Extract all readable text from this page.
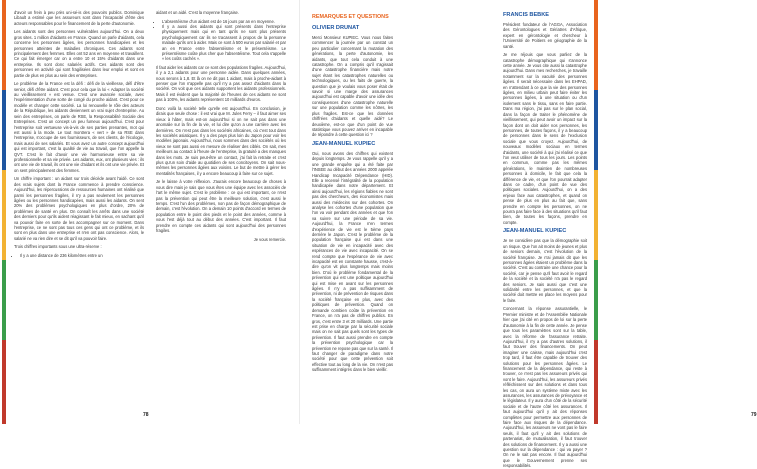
d'avoir un frein à peu près uni-sé-is des pouvoirs publics. Dominique Libault a estimé que les assureurs sont dans l'incapacité d'être des acteurs responsables pour le financement de la perte d'autonomie.

Les aidants sont des personnes vulnérables aujourd'hui. On a deux gros sites. 1 million d'aidants en France. Quand on parle d'aidants, cela concerne les personnes âgées, les personnes handicapées et les personnes atteintes de maladies chroniques. Ces aidants sont principalement des femmes. Elles ont 52 ans en moyenne et travaillent. Ce qui fait émerger car on a entre 10 et 15% d'aidants dans une entreprise. Ils sont donc salariés actifs. Ces aidants sont des personnes en activité qui sont fragilisées dans leur emploi et sont en partie de plus en plus au sein des entreprises.

Le problème de la France est la défi : défi de la vieillesse, défi d'être senior, défi d'être aidant. C'est pour cela que la loi « Adapter la société au vieillissement » est venue. C'est une avancée sociale, avec l'expérimentation d'une sorte de congé du proche aidant. C'est pour ce modèle et changer cette société. La loi renouvelle le rôle des acteurs de la République, les aidants deviennent un vrai sujet d'entreprise. Au sein des entreprises, on parle de RSE, la Responsabilité Sociale des Entreprises. C'est un concept un peu fumeux aujourd'hui. C'est pour l'entreprise soit vertueuse vis-à-vis de ses parties prenantes, mot qui est aussi à la mode. Le tout montrera « vert » de sa RSE dans l'entreprise, s'occupe de ses fournisseurs, de ses clients, de l'écologie, mais aussi de ses salariés. Et vous avez un autre concept aujourd'hui qui est important, c'est la qualité de vie au travail, que l'on appelle la QVT. C'est le fait d'avoir une vie harmonieuse entre sa vie professionnelle et sa vie privée. Les aidants, eux, ont plusieurs vies : ils ont une vie de travail, ils ont une vie d'aidant et ils ont une vie privée. Et on sent principalement des femmes.

Un chiffre important : un aidant sur trois décède avant l'aidé. Ce sont des vrais sujets dont la France commence à prendre conscience. Aujourd'hui, les répercussions de ressources humaines ont réalisé que parmi les personnes fragiles, il n'y a pas seulement les personnes âgées ou les personnes handicapées, mais aussi les aidants. On sent 20% des problèmes psychologiques en plus d'ordre, 20% de problèmes de santé en plus. On connaît les arrêts dans une société des derniers pour qu'ils aident réagissant le fait mieux, en sachant qu'il va pouvoir faire en sorte de les accompagner sur ce moment. Dans l'entreprise, ce ne sont pas tous ces gens qui ont ce problème, et ils sont en plus dans une entreprise et n'en ont pas conscience. Alors, le salarié ne va rien dire et se dit qu'il va pouvoir faire.

Trois chiffres importants sous une ultra-réserve :

• Il y a une distance de 236 kilomètres entre un

aidant et un aidé. C'est la moyenne française.

• L'absentéisme d'un aidant est de 16 jours par an en moyenne.
• Il y a aussi des aidants qui sont présents dans l'entreprise physiquement mais qui en tant qu'ils ne sont plus présents psychologiquement car ils se tracassent à propos de la personne malade qu'ils ont à aider. Mais ce sont à 500 euros par salarié et par an en France entre l'absentéisme et le présentéisme. Le présentéisme coûte plus cher que l'absentéisme. Tout cela s'appelle « les coûts cachés ».

Il faut aider les aidants car ce sont des populations fragiles. Aujourd'hui, il y a 2,1 aidants pour une personne aidée. Dans quelques années, nous serons à 1,8. Et là on ne dit pas 1 aidant, mais à proche-aidant à penser que l'on n'appelle pas qu'il n'y a pas assez d'aidants dans la société. On voit que ces aidants supportent les aidants professionnels. Mais il est évident que la majorité de l'heures de ces aidants ne sont pas à 100%, les aidants représentent 10 milliards d'euros.

Donc voilà la société telle qu'elle est aujourd'hui. En conclusion, je dirais que seule chose : il est vrai que M. Jules Ferry – il faut aimer ses vieux à hâter, mais est-on aujourd'hui si on ne sait pas dans une anomalie sur la fin de la vie, et lui dire qu'on a une carrière avec les dernières. On n'est pas dans les sociétés africaines, où c'est tout dans les sociétés asiatiques. Il y a des pays plus loin du Japon pour voir les modèles japonais. Aujourd'hui, nous sommes dans des sociétés où les vieux ne sont pas aussi en mesure de réaliser des ciblés. On sait, mes meilleurs au contact à l'heure de l'entreprise, la gratuité a des manques dans les mots. Je suis peut-être un contact, j'ai fait la retraite et c'est plus qu'un soin d'aide au quotidien de ses concitoyens. On sait nous-mêmes les personnes âgées aux voisins. Le but de mettre à gérer les mentalités françaises, il y a encore beaucoup à faire sur ce sujet.

Je le laisse à votre réflexion. J'aurais encore beaucoup de choses à vous dire mais je sais que vous êtes une équipe avec les associés de l'art le même sujet. C'est le problème : ce qui est important, ce n'est pas la prévention qui peut être la meilleure solution, c'est aussi le temps. C'est l'un des problèmes, non pas de façon démographique de demain, c'est l'évolution. On a demain 10 points d'accord en termes de population entre le point des pieds et le point des années, comme à vous l'est déjà tout au début des années. C'est important. Il faut prendre en compte ces aidants qui sont aujourd'hui des personnes fragiles.

Je vous remercie.

78
REMARQUES ET QUESTIONS
OLIVIER DRUNAT

Merci Monsieur KUPIEC. Vous nous faites commencer la journée par un constat un peu particulier concernant la mutation des générations, la perte d'autonomie, les aidants, que tout cela conduit à une catastrophe. On a compris qu'il s'agissait d'une catastrophe financière mais notre sujet étant les catastrophes naturelles ou technologiques, ou les faits de guerre, la question que je voulais vous poser était de savoir si une marge des assurances aujourd'hui est capable d'avoir une idée des conséquences d'une catastrophe naturelle sur une population comme les nôtres, les plus fragiles. Est-ce que les données chiffrées d'aidants et quelle aidé? Le deuxième, est-ce que d'un point de vue statistique vous pouvez arriver en incapable de répondre à cette question ici ?

JEAN-MANUEL KUPIEC

Oui, nous avons des chiffres qui existent depuis longtemps. Je vous rappelle qu'il y a une grande enquête qui a été faite par l'INSEE au début des années 2000 appelée Handicap Incapacité Dépendance (HID). Elle a recensé l'intégralité de la population handicapée dans notre département. Et ainsi aujourd'hui, les régions fiables ne sont pas des chercheurs, des économistes mais aussi des médecins sur des cohortes. On analyse les cohortes d'une population que l'on va voir pendant des années et que l'on va suivre sur une période de sa vie. Aujourd'hui, la France n'en termes d'expérience de vie est le 5ème pays derrière le Japon. C'est le problème de la population française qui est dans une situation de vie en incapacité avec des espérances de vie avec incapacité. On se rend compte que l'espérance de vie avec incapacité est en constante hausse, c'est-à-dire qu'on vit plus longtemps mais moins bien. D'où le problème fondamental de la prévention qui est une politique aujourd'hui qui est mise en avant sur les personnes âgées. Il n'y a pas suffisamment de prévention, ni de prévention de risques dans la société française en plus, avec des politiques de prévention. Quand on demande combien coûte la prévention en France, on n'a pas de chiffres publics. En gros, c'est entre 3 et 20 milliards. Une partie est prise en charge par la sécurité sociale mais on ne sait pas quels sont les types de prévention. Il faut aussi prendre en compte la prévention psychologique car la prévention ne repose pas que sur la santé. Il faut changer de paradigme dans notre société pour que cette prévention soit effective tout au long de la vie. On n'est pas suffisamment intégrés dans le bien vieillir.

FRANCIS BEBKE

Président fondateur de l'AGGA, Association des Gérontologues et Gériatres d'Afrique, expert en gérontologie et chercheur à l'Université de Poitiers en géographie de la santé.

Je me réjouis que vous parliez de la catastrophe démographique qui s'annonce cette année. Je vous cite aussi la catastrophe aujourd'hui. Dans mes recherches, je travaille notamment sur la vacuité des personnes âgées. Il serait nécessaire dans les EHPAD, en n'attendant à ce que la vie des personnes âgées, en milieu urbain peut faire éviter les personnes âgées, à une situation ou d'un isolement sans le tissu, sans en faire partie. Dans ma région, j'ai pas sur le plan social, dans la façon de traiter le phénomène de vieillissement, qui peut avoir un impact sur la façon dont on doit aider nos personnes, les personnes, de toutes façons, il y a beaucoup de personnes dans le sens de l'exclusion sociale que vous croyez. Aujourd'hui, de nouveaux modèles sociaux en termes d'aidants, une société à qui j'ai réalisé ce que l'on veut utiliser de tous les jours. Les points en commun, comme pas les mêmes générations, le maintien de nombreuses personnes à domicile, le fait que cela la différence de vie, et que l'on pourrait adapter dans ce cadre, d'un point de vue des politiques sociales. Aujourd'hui, on a des enjeux face aux catastrophes, et quand on pense de plus en plus au fait que, sans prendre en compte les personnes, on ne pourra pas faire face à des situations qu'il faut bien, de toutes les façons, prendre en compte.

JEAN-MANUEL KUPIEC

Je ne considère pas que la démographie soit un risque. Que l'on ait moins de jeunes et plus de seniors demain, c'est l'évolution de la société française. Je n'ai jamais dit que les personnes âgées étaient un problème dans la société. C'est au contraire une chance pour la société, car je pense qu'il faut avoir le regard de la société et la société n'a pas le regard des seniors. Je sais aussi que c'est une solidarité entre les personnes, et que la société doit mettre en place les moyens pour le faire.

Concernant la réponse assurantielle, le Premier ministre et de l'Assemblée Nationale hier que j'ai cité en propos de loi sur la perte d'autonomie à la fin de cette année. Je pense que tous les paramètres sont sur la table, avec la réforme de l'assurance retraite. Aujourd'hui, il n'y a pas d'autres solutions, il faut trouver des financements. On peut imaginer une caisse, mais aujourd'hui c'est trop tard, il faut être capable de trouver des solutions pour les personnes âgées. Le financement de la dépendance, qui reste à trouver, ce n'est pas les assureurs privés qui vont le faire. Aujourd'hui, les assureurs privés réfléchissent sur des solutions et dans tous les cas, on aura un système mixte avec les assurances, les assurances de prévoyance et le législateur. Il y aura d'un côté de la sécurité sociale et de l'autre côté les assurances. Il faut aujourd'hui qu'il y ait des réponses complètes pour permettre aux personnes de faire face aux risques de la dépendance. Aujourd'hui, les assureurs ne vont pas le faire seuls, il faut qu'il y ait des solutions de partenariat, de mutualisation, il faut trouver des solutions de financement. Il y a aussi une question sur la dépendance : qui va payer ? On ne le sait pas encore. Il faut aujourd'hui que le Gouvernement prenne ses responsabilités.

79
